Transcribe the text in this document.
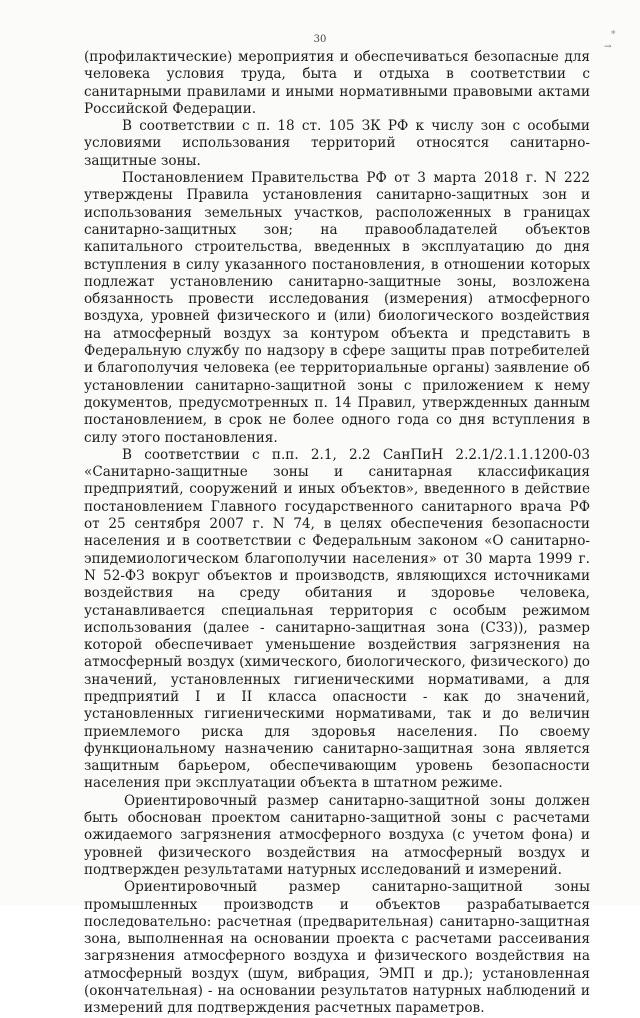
30	*
→

(профилактические) мероприятия и обеспечиваться безопасные для человека условия труда, быта и отдыха в соответствии с санитарными правилами и иными нормативными правовыми актами Российской Федерации.

В соответствии с п. 18 ст. 105 ЗК РФ к числу зон с особыми условиями использования территорий относятся санитарно-защитные зоны.

Постановлением Правительства РФ от 3 марта 2018 г. N 222 утверждены Правила установления санитарно-защитных зон и использования земельных участков, расположенных в границах санитарно-защитных зон; на правообладателей объектов капитального строительства, введенных в эксплуатацию до дня вступления в силу указанного постановления, в отношении которых подлежат установлению санитарно-защитные зоны, возложена обязанность провести исследования (измерения) атмосферного воздуха, уровней физического и (или) биологического воздействия на атмосферный воздух за контуром объекта и представить в Федеральную службу по надзору в сфере защиты прав потребителей и благополучия человека (ее территориальные органы) заявление об установлении санитарно-защитной зоны с приложением к нему документов, предусмотренных п. 14 Правил, утвержденных данным постановлением, в срок не более одного года со дня вступления в силу этого постановления.

В соответствии с п.п. 2.1, 2.2 СанПиН 2.2.1/2.1.1.1200-03 «Санитарно-защитные зоны и санитарная классификация предприятий, сооружений и иных объектов», введенного в действие постановлением Главного государственного санитарного врача РФ от 25 сентября 2007 г. N 74, в целях обеспечения безопасности населения и в соответствии с Федеральным законом «О санитарно-эпидемиологическом благополучии населения» от 30 марта 1999 г. N 52-ФЗ вокруг объектов и производств, являющихся источниками воздействия на среду обитания и здоровье человека, устанавливается специальная территория с особым режимом использования (далее - санитарно-защитная зона (СЗЗ)), размер которой обеспечивает уменьшение воздействия загрязнения на атмосферный воздух (химического, биологического, физического) до значений, установленных гигиеническими нормативами, а для предприятий I и II класса опасности - как до значений, установленных гигиеническими нормативами, так и до величин приемлемого риска для здоровья населения. По своему функциональному назначению санитарно-защитная зона является защитным барьером, обеспечивающим уровень безопасности населения при эксплуатации объекта в штатном режиме.

Ориентировочный размер санитарно-защитной зоны должен быть обоснован проектом санитарно-защитной зоны с расчетами ожидаемого загрязнения атмосферного воздуха (с учетом фона) и уровней физического воздействия на атмосферный воздух и подтвержден результатами натурных исследований и измерений.

Ориентировочный размер санитарно-защитной зоны промышленных производств и объектов разрабатывается последовательно: расчетная (предварительная) санитарно-защитная зона, выполненная на основании проекта с расчетами рассеивания загрязнения атмосферного воздуха и физического воздействия на атмосферный воздух (шум, вибрация, ЭМП и др.); установленная (окончательная) - на основании результатов натурных наблюдений и измерений для подтверждения расчетных параметров.
